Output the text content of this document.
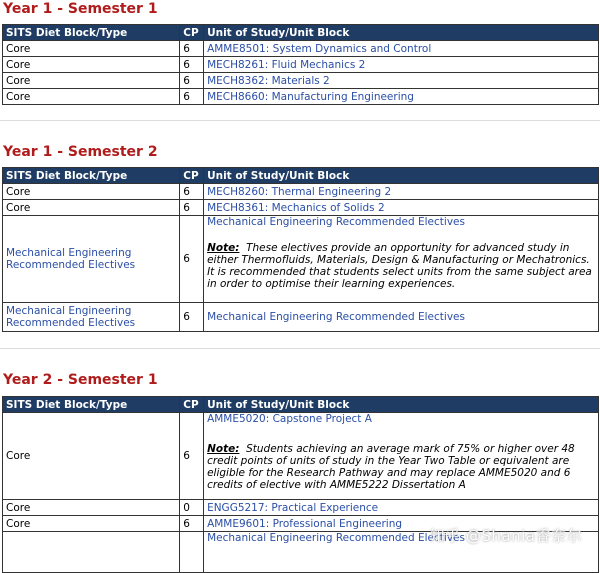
Year 1 - Semester 1
SITS Diet Block/Type	CP	Unit of Study/Unit Block
Core	6	AMME8501: System Dynamics and Control
Core	6	MECH8261: Fluid Mechanics 2
Core	6	MECH8362: Materials 2
Core	6	MECH8660: Manufacturing Engineering
Year 1 - Semester 2
SITS Diet Block/Type	CP	Unit of Study/Unit Block
Core	6	MECH8260: Thermal Engineering 2
Core	6	MECH8361: Mechanics of Solids 2
Mechanical Engineering Recommended Electives	6	Mechanical Engineering Recommended Electives
Note: These electives provide an opportunity for advanced study in either Thermofluids, Materials, Design & Manufacturing or Mechatronics. It is recommended that students select units from the same subject area in order to optimise their learning experiences.

Mechanical Engineering Recommended Electives	6	Mechanical Engineering Recommended Electives
Year 2 - Semester 1
SITS Diet Block/Type	CP	Unit of Study/Unit Block
Core	6	AMME5020: Capstone Project A
Note: Students achieving an average mark of 75% or higher over 48 credit points of units of study in the Year Two Table or equivalent are eligible for the Research Pathway and may replace AMME5020 and 6 credits of elective with AMME5222 Dissertation A

Core	0	ENGG5217: Practical Experience
Core	6	AMME9601: Professional Engineering
		Mechanical Engineering Recommended Electives
知乎 @Shania香奈尔
